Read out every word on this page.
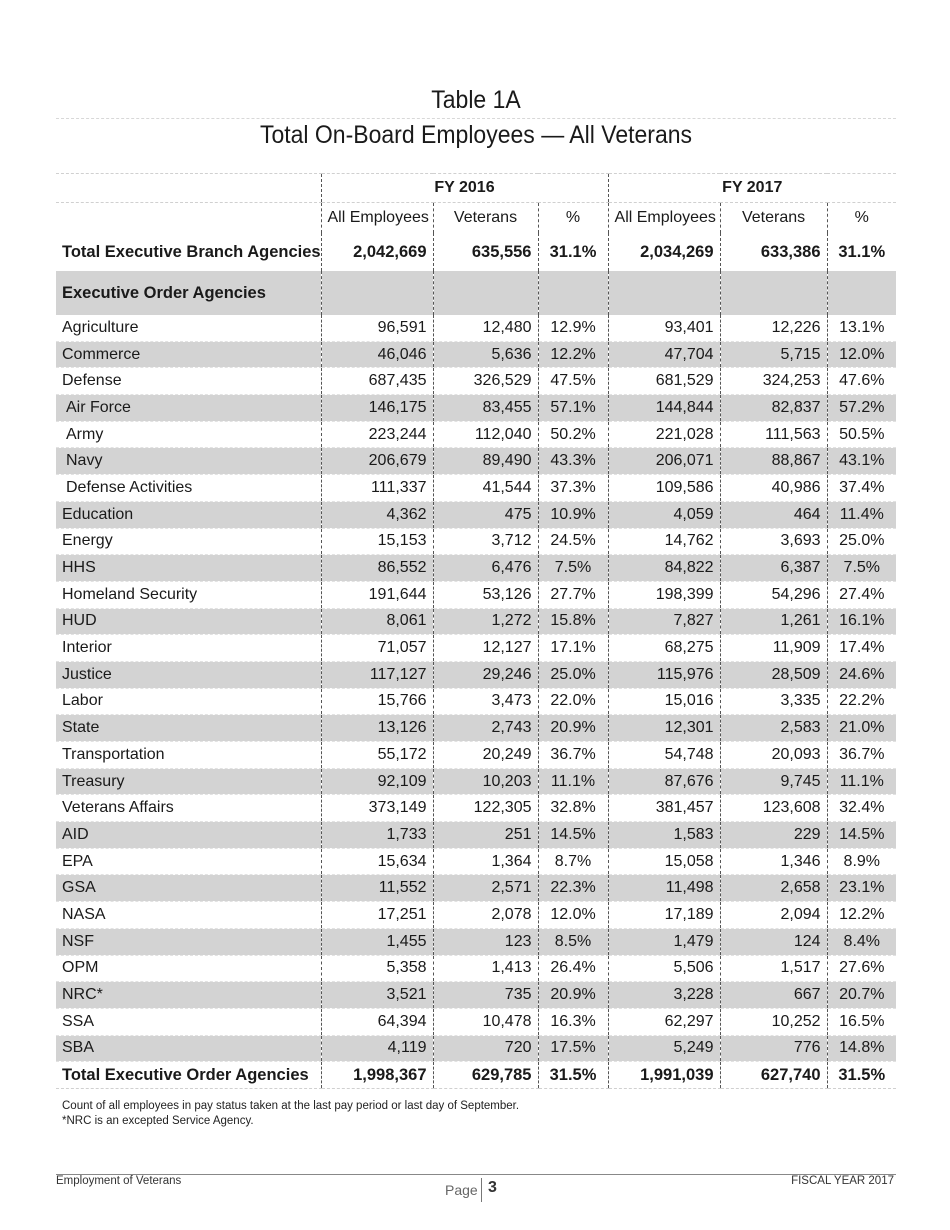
Table 1A
Total On-Board Employees — All Veterans
	FY 2016			FY 2017		
	All Employees	Veterans	%	All Employees	Veterans	%
Total Executive Branch Agencies	2,042,669	635,556	31.1%	2,034,269	633,386	31.1%
Executive Order Agencies						
Agriculture	96,591	12,480	12.9%	93,401	12,226	13.1%
Commerce	46,046	5,636	12.2%	47,704	5,715	12.0%
Defense	687,435	326,529	47.5%	681,529	324,253	47.6%
Air Force	146,175	83,455	57.1%	144,844	82,837	57.2%
Army	223,244	112,040	50.2%	221,028	111,563	50.5%
Navy	206,679	89,490	43.3%	206,071	88,867	43.1%
Defense Activities	111,337	41,544	37.3%	109,586	40,986	37.4%
Education	4,362	475	10.9%	4,059	464	11.4%
Energy	15,153	3,712	24.5%	14,762	3,693	25.0%
HHS	86,552	6,476	7.5%	84,822	6,387	7.5%
Homeland Security	191,644	53,126	27.7%	198,399	54,296	27.4%
HUD	8,061	1,272	15.8%	7,827	1,261	16.1%
Interior	71,057	12,127	17.1%	68,275	11,909	17.4%
Justice	117,127	29,246	25.0%	115,976	28,509	24.6%
Labor	15,766	3,473	22.0%	15,016	3,335	22.2%
State	13,126	2,743	20.9%	12,301	2,583	21.0%
Transportation	55,172	20,249	36.7%	54,748	20,093	36.7%
Treasury	92,109	10,203	11.1%	87,676	9,745	11.1%
Veterans Affairs	373,149	122,305	32.8%	381,457	123,608	32.4%
AID	1,733	251	14.5%	1,583	229	14.5%
EPA	15,634	1,364	8.7%	15,058	1,346	8.9%
GSA	11,552	2,571	22.3%	11,498	2,658	23.1%
NASA	17,251	2,078	12.0%	17,189	2,094	12.2%
NSF	1,455	123	8.5%	1,479	124	8.4%
OPM	5,358	1,413	26.4%	5,506	1,517	27.6%
NRC*	3,521	735	20.9%	3,228	667	20.7%
SSA	64,394	10,478	16.3%	62,297	10,252	16.5%
SBA	4,119	720	17.5%	5,249	776	14.8%
Total Executive Order Agencies	1,998,367	629,785	31.5%	1,991,039	627,740	31.5%
Count of all employees in pay status taken at the last pay period or last day of September.
*NRC is an excepted Service Agency.
Employment of Veterans
Page 3	FISCAL YEAR 2017
